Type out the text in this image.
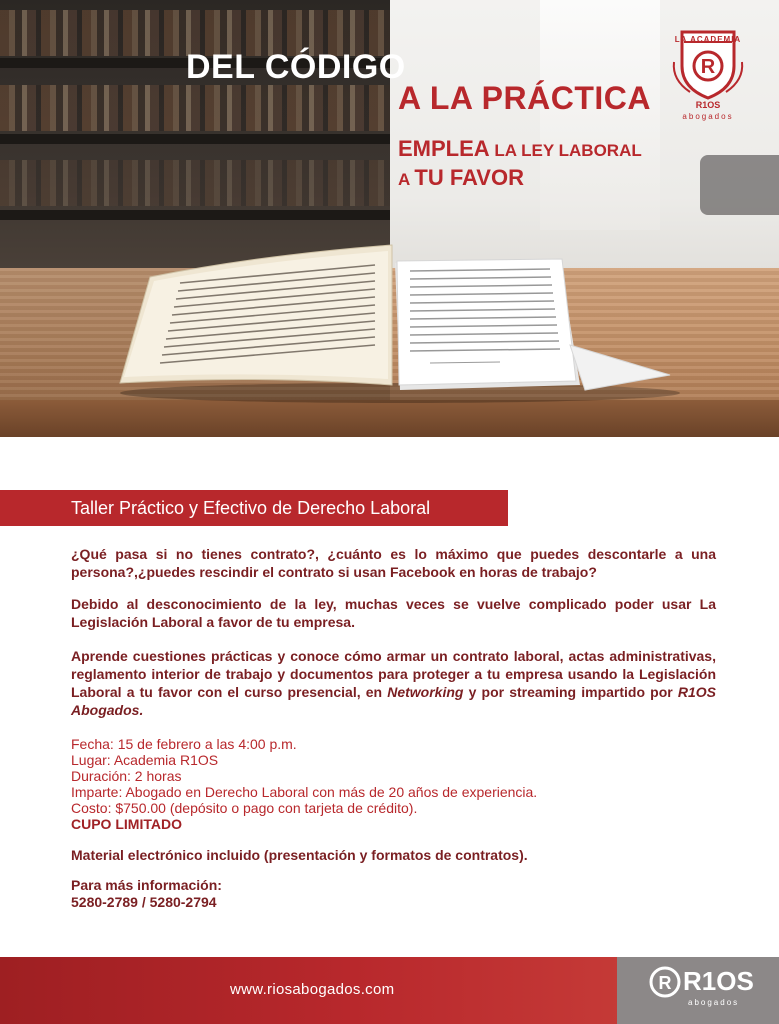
DEL CÓDIGO
A LA PRÁCTICA
EMPLEA LA LEY LABORAL
A TU FAVOR
R
LA ACADEMIA
R1OS
abogados
Taller Práctico y Efectivo de Derecho Laboral

¿Qué pasa si no tienes contrato?, ¿cuánto es lo máximo que puedes descontarle a una persona?,¿puedes rescindir el contrato si usan Facebook en horas de trabajo?

Debido al desconocimiento de la ley, muchas veces se vuelve complicado poder usar La Legislación Laboral a favor de tu empresa.

Aprende cuestiones prácticas y conoce cómo armar un contrato laboral, actas administrativas, reglamento interior de trabajo y documentos para proteger a tu empresa usando la Legislación Laboral a tu favor con el curso presencial, en Networking y por streaming impartido por R1OS Abogados.

Fecha: 15 de febrero a las 4:00 p.m.
Lugar: Academia R1OS
Duración: 2 horas
Imparte: Abogado en Derecho Laboral con más de 20 años de experiencia.
Costo: $750.00 (depósito o pago con tarjeta de crédito).
CUPO LIMITADO
Material electrónico incluido (presentación y formatos de contratos).
Para más información:
5280-2789 / 5280-2794
www.riosabogados.com	R R1OS
abogados
